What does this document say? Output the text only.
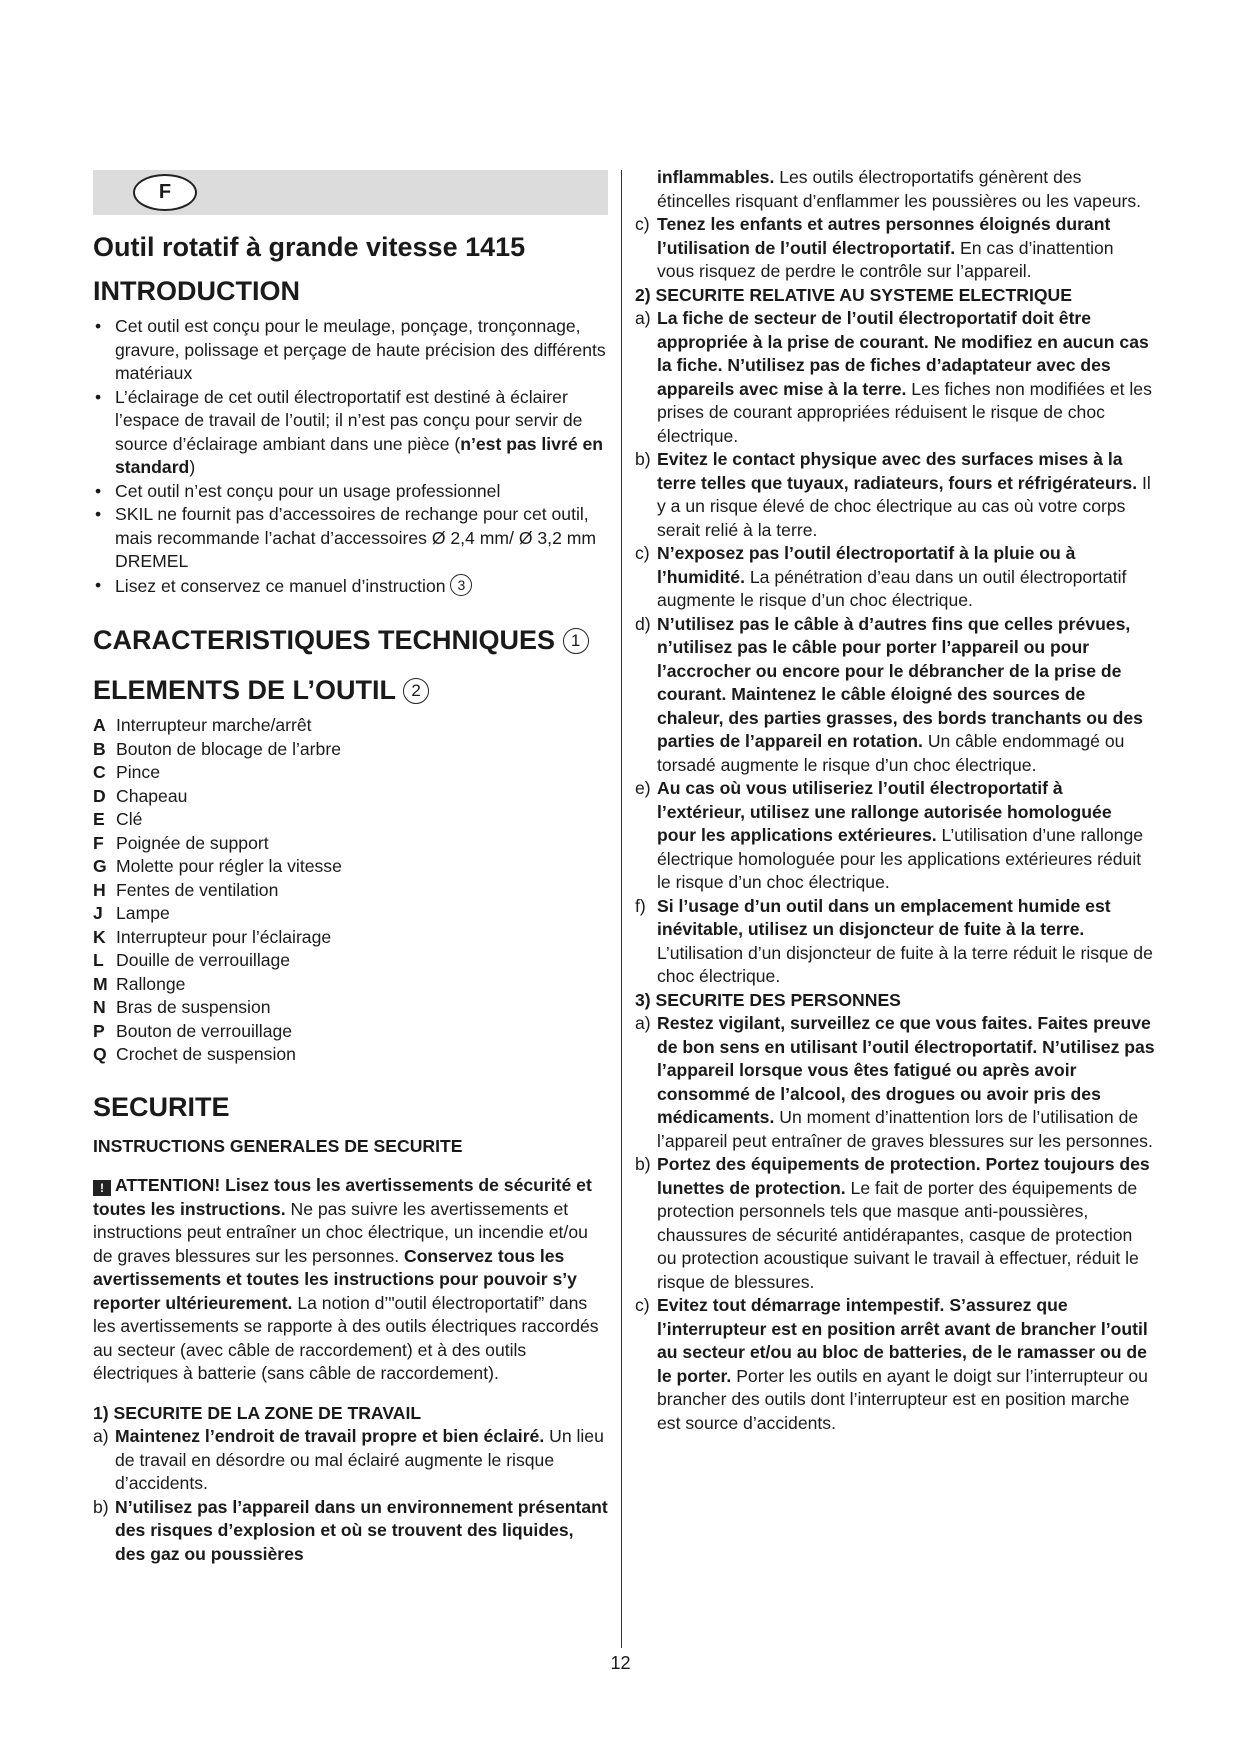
F
Outil rotatif à grande vitesse 1415
INTRODUCTION
• Cet outil est conçu pour le meulage, ponçage, tronçonnage, gravure, polissage et perçage de haute précision des différents matériaux
• L’éclairage de cet outil électroportatif est destiné à éclairer l’espace de travail de l’outil; il n’est pas conçu pour servir de source d’éclairage ambiant dans une pièce (n’est pas livré en standard)
• Cet outil n’est conçu pour un usage professionnel
• SKIL ne fournit pas d’accessoires de rechange pour cet outil, mais recommande l’achat d’accessoires Ø 2,4 mm/ Ø 3,2 mm DREMEL
• Lisez et conservez ce manuel d’instruction 3
CARACTERISTIQUES TECHNIQUES 1
ELEMENTS DE L’OUTIL 2
A Interrupteur marche/arrêt
B Bouton de blocage de l’arbre
C Pince
D Chapeau
E Clé
F Poignée de support
G Molette pour régler la vitesse
H Fentes de ventilation
J Lampe
K Interrupteur pour l’éclairage
L Douille de verrouillage
M Rallonge
N Bras de suspension
P Bouton de verrouillage
Q Crochet de suspension
SECURITE
INSTRUCTIONS GENERALES DE SECURITE

! ATTENTION! Lisez tous les avertissements de sécurité et toutes les instructions. Ne pas suivre les avertissements et instructions peut entraîner un choc électrique, un incendie et/ou de graves blessures sur les personnes. Conservez tous les avertissements et toutes les instructions pour pouvoir s’y reporter ultérieurement. La notion d’"outil électroportatif” dans les avertissements se rapporte à des outils électriques raccordés au secteur (avec câble de raccordement) et à des outils électriques à batterie (sans câble de raccordement).

1) SECURITE DE LA ZONE DE TRAVAIL
a) Maintenez l’endroit de travail propre et bien éclairé. Un lieu de travail en désordre ou mal éclairé augmente le risque d’accidents.
b) N’utilisez pas l’appareil dans un environnement présentant des risques d’explosion et où se trouvent des liquides, des gaz ou poussières
inflammables. Les outils électroportatifs génèrent des étincelles risquant d’enflammer les poussières ou les vapeurs.
c) Tenez les enfants et autres personnes éloignés durant l’utilisation de l’outil électroportatif. En cas d’inattention vous risquez de perdre le contrôle sur l’appareil.
2) SECURITE RELATIVE AU SYSTEME ELECTRIQUE
a) La fiche de secteur de l’outil électroportatif doit être appropriée à la prise de courant. Ne modifiez en aucun cas la fiche. N’utilisez pas de fiches d’adaptateur avec des appareils avec mise à la terre. Les fiches non modifiées et les prises de courant appropriées réduisent le risque de choc électrique.
b) Evitez le contact physique avec des surfaces mises à la terre telles que tuyaux, radiateurs, fours et réfrigérateurs. Il y a un risque élevé de choc électrique au cas où votre corps serait relié à la terre.
c) N’exposez pas l’outil électroportatif à la pluie ou à l’humidité. La pénétration d’eau dans un outil électroportatif augmente le risque d’un choc électrique.
d) N’utilisez pas le câble à d’autres fins que celles prévues, n’utilisez pas le câble pour porter l’appareil ou pour l’accrocher ou encore pour le débrancher de la prise de courant. Maintenez le câble éloigné des sources de chaleur, des parties grasses, des bords tranchants ou des parties de l’appareil en rotation. Un câble endommagé ou torsadé augmente le risque d’un choc électrique.
e) Au cas où vous utiliseriez l’outil électroportatif à l’extérieur, utilisez une rallonge autorisée homologuée pour les applications extérieures. L’utilisation d’une rallonge électrique homologuée pour les applications extérieures réduit le risque d’un choc électrique.
f) Si l’usage d’un outil dans un emplacement humide est inévitable, utilisez un disjoncteur de fuite à la terre. L’utilisation d’un disjoncteur de fuite à la terre réduit le risque de choc électrique.
3) SECURITE DES PERSONNES
a) Restez vigilant, surveillez ce que vous faites. Faites preuve de bon sens en utilisant l’outil électroportatif. N’utilisez pas l’appareil lorsque vous êtes fatigué ou après avoir consommé de l’alcool, des drogues ou avoir pris des médicaments. Un moment d’inattention lors de l’utilisation de l’appareil peut entraîner de graves blessures sur les personnes.
b) Portez des équipements de protection. Portez toujours des lunettes de protection. Le fait de porter des équipements de protection personnels tels que masque anti-poussières, chaussures de sécurité antidérapantes, casque de protection ou protection acoustique suivant le travail à effectuer, réduit le risque de blessures.
c) Evitez tout démarrage intempestif. S’assurez que l’interrupteur est en position arrêt avant de brancher l’outil au secteur et/ou au bloc de batteries, de le ramasser ou de le porter. Porter les outils en ayant le doigt sur l’interrupteur ou brancher des outils dont l’interrupteur est en position marche est source d’accidents.
12
